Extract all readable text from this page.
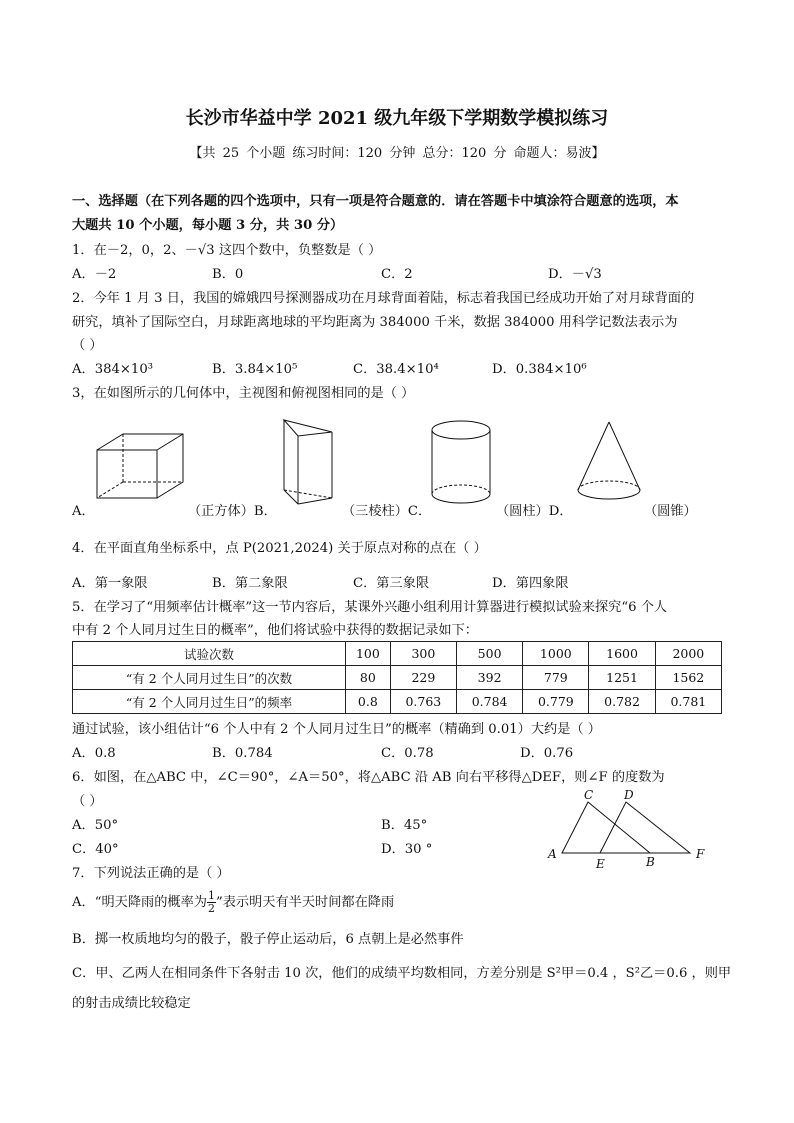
长沙市华益中学 2021 级九年级下学期数学模拟练习
【共 25 个小题 练习时间：120 分钟 总分：120 分 命题人：易波】
一、选择题（在下列各题的四个选项中，只有一项是符合题意的．请在答题卡中填涂符合题意的选项，本
大题共 10 个小题，每小题 3 分，共 30 分）
1．在－2，0，2、－√3 这四个数中，负整数是（ ）
A．－2	B．0	C．2	D．－√3
2．今年 1 月 3 日，我国的嫦娥四号探测器成功在月球背面着陆，标志着我国已经成功开始了对月球背面的
研究，填补了国际空白，月球距离地球的平均距离为 384000 千米，数据 384000 用科学记数法表示为
（ ）
A．384×10³	B．3.84×10⁵	C．38.4×10⁴	D．0.384×10⁶
3，在如图所示的几何体中，主视图和俯视图相同的是（ ）
A．	（正方体）B．	（三棱柱）C．	（圆柱）D．	（圆锥）
4．在平面直角坐标系中，点 P(2021,2024) 关于原点对称的点在（ ）
A．第一象限	B．第二象限	C．第三象限	D．第四象限
5．在学习了“用频率估计概率”这一节内容后，某课外兴趣小组利用计算器进行模拟试验来探究“6 个人
中有 2 个人同月过生日的概率”，他们将试验中获得的数据记录如下：
试验次数	100	300	500	1000	1600	2000
“有 2 个人同月过生日”的次数	80	229	392	779	1251	1562
“有 2 个人同月过生日”的频率	0.8	0.763	0.784	0.779	0.782	0.781
通过试验，该小组估计“6 个人中有 2 个人同月过生日”的概率（精确到 0.01）大约是（ ）
A．0.8	B．0.784	C．0.78	D．0.76
6．如图，在△ABC 中，∠C＝90°，∠A＝50°，将△ABC 沿 AB 向右平移得△DEF，则∠F 的度数为
（ ）
A．50°	B．45°
C．40°	D．30 °
C	D
A
E	B
F
7．下列说法正确的是（ ）
A．“明天降雨的概率为 $\frac{1}{2}$ ”表示明天有半天时间都在降雨
B．掷一枚质地均匀的骰子，骰子停止运动后，6 点朝上是必然事件
C．甲、乙两人在相同条件下各射击 10 次，他们的成绩平均数相同，方差分别是 S²甲＝0.4 ，S²乙＝0.6 ，则甲
的射击成绩比较稳定
